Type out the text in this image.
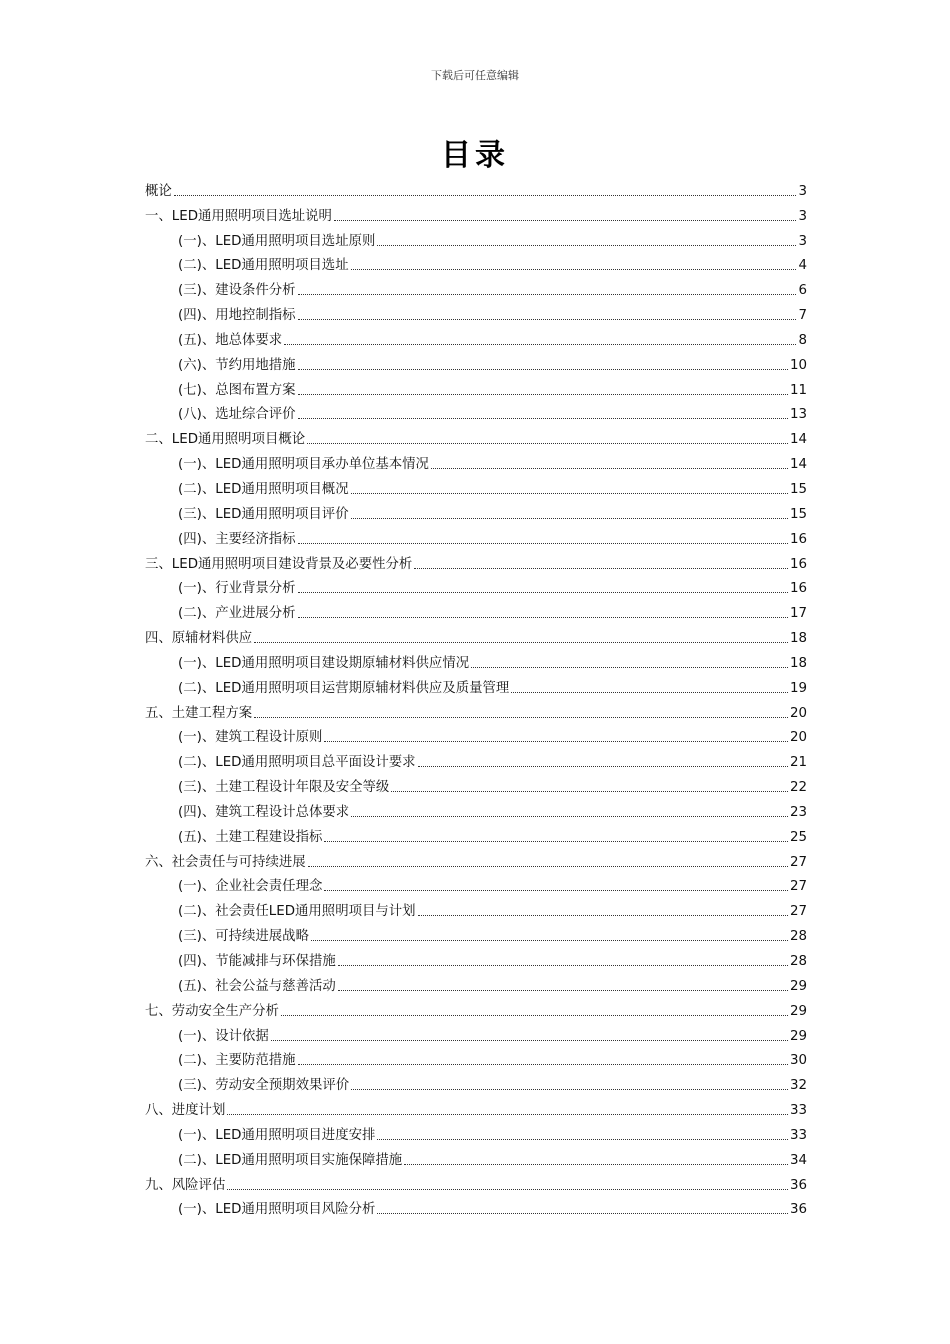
下载后可任意编辑
目录
概论	3
一、LED通用照明项目选址说明	3
(一)、LED通用照明项目选址原则	3
(二)、LED通用照明项目选址	4
(三)、建设条件分析	6
(四)、用地控制指标	7
(五)、地总体要求	8
(六)、节约用地措施	10
(七)、总图布置方案	11
(八)、选址综合评价	13
二、LED通用照明项目概论	14
(一)、LED通用照明项目承办单位基本情况	14
(二)、LED通用照明项目概况	15
(三)、LED通用照明项目评价	15
(四)、主要经济指标	16
三、LED通用照明项目建设背景及必要性分析	16
(一)、行业背景分析	16
(二)、产业进展分析	17
四、原辅材料供应	18
(一)、LED通用照明项目建设期原辅材料供应情况	18
(二)、LED通用照明项目运营期原辅材料供应及质量管理	19
五、土建工程方案	20
(一)、建筑工程设计原则	20
(二)、LED通用照明项目总平面设计要求	21
(三)、土建工程设计年限及安全等级	22
(四)、建筑工程设计总体要求	23
(五)、土建工程建设指标	25
六、社会责任与可持续进展	27
(一)、企业社会责任理念	27
(二)、社会责任LED通用照明项目与计划	27
(三)、可持续进展战略	28
(四)、节能减排与环保措施	28
(五)、社会公益与慈善活动	29
七、劳动安全生产分析	29
(一)、设计依据	29
(二)、主要防范措施	30
(三)、劳动安全预期效果评价	32
八、进度计划	33
(一)、LED通用照明项目进度安排	33
(二)、LED通用照明项目实施保障措施	34
九、风险评估	36
(一)、LED通用照明项目风险分析	36
